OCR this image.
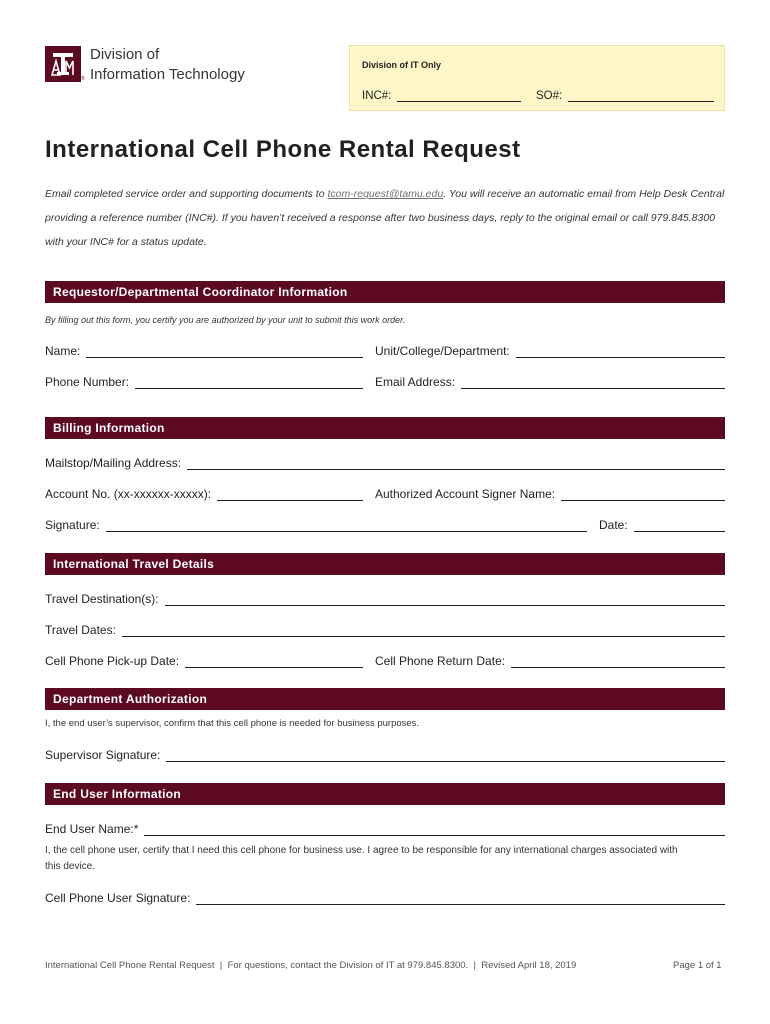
®
Division of
Information Technology
Division of IT Only
INC#:	SO#:
International Cell Phone Rental Request
Email completed service order and supporting documents to tcom-request@tamu.edu. You will receive an automatic email from Help Desk Central providing a reference number (INC#). If you haven’t received a response after two business days, reply to the original email or call 979.845.8300 with your INC# for a status update.
Requestor/Departmental Coordinator Information
By filling out this form, you certify you are authorized by your unit to submit this work order.
Name:	Unit/College/Department:
Phone Number:	Email Address:
Billing Information
Mailstop/Mailing Address:
Account No. (xx-xxxxxx-xxxxx):	Authorized Account Signer Name:
Signature:	Date:
International Travel Details
Travel Destination(s):
Travel Dates:
Cell Phone Pick-up Date:	Cell Phone Return Date:
Department Authorization
I, the end user’s supervisor, confirm that this cell phone is needed for business purposes.
Supervisor Signature:
End User Information
End User Name:*
I, the cell phone user, certify that I need this cell phone for business use. I agree to be responsible for any international charges associated with this device.
Cell Phone User Signature:
International Cell Phone Rental Request  |  For questions, contact the Division of IT at 979.845.8300.  |  Revised April 18, 2019	Page 1 of 1
